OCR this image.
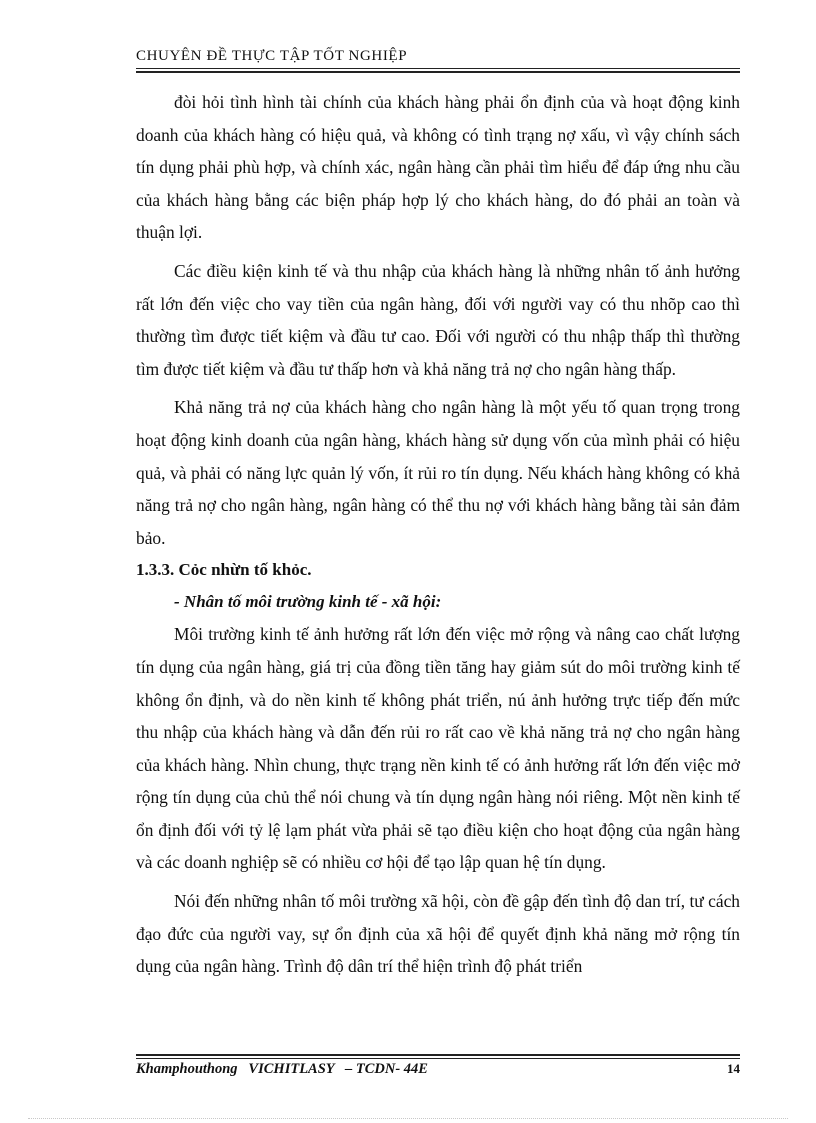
CHUYÊN ĐỀ THỰC TẬP TỐT NGHIỆP

đòi hỏi tình hình tài chính của khách hàng phải ổn định của và hoạt động kinh doanh của khách hàng có hiệu quả, và không có tình trạng nợ xấu, vì vậy chính sách tín dụng phải phù hợp, và chính xác, ngân hàng cần phải tìm hiểu để đáp ứng nhu cầu của khách hàng bằng các biện pháp hợp lý cho khách hàng, do đó phải an toàn và thuận lợi.

Các điều kiện kinh tế và thu nhập của khách hàng là những nhân tố ảnh hưởng rất lớn đến việc cho vay tiền của ngân hàng, đối với người vay có thu nhõp cao thì thường tìm được tiết kiệm và đầu tư cao. Đối với người có thu nhập thấp thì thường tìm được tiết kiệm và đầu tư thấp hơn và khả năng trả nợ cho ngân hàng thấp.

Khả năng trả nợ của khách hàng cho ngân hàng là một yếu tố quan trọng trong hoạt động kinh doanh của ngân hàng, khách hàng sử dụng vốn của mình phải có hiệu quả, và phải có năng lực quản lý vốn, ít rủi ro tín dụng. Nếu khách hàng không có khả năng trả nợ cho ngân hàng, ngân hàng có thể thu nợ với khách hàng bằng tài sản đảm bảo.

1.3.3. Cỏc nhừn tố khỏc.

- Nhân tố môi trường kinh tế - xã hội:

Môi trường kinh tế ảnh hưởng rất lớn đến việc mở rộng và nâng cao chất lượng tín dụng của ngân hàng, giá trị của đồng tiền tăng hay giảm sút do môi trường kinh tế không ổn định, và do nền kinh tế không phát triển, nú ảnh hưởng trực tiếp đến mức thu nhập của khách hàng và dẫn đến rủi ro rất cao về khả năng trả nợ cho ngân hàng của khách hàng. Nhìn chung, thực trạng nền kinh tế có ảnh hưởng rất lớn đến việc mở rộng tín dụng của chủ thể nói chung và tín dụng ngân hàng nói riêng. Một nền kinh tế ổn định đối với tỷ lệ lạm phát vừa phải sẽ tạo điều kiện cho hoạt động của ngân hàng và các doanh nghiệp sẽ có nhiều cơ hội để tạo lập quan hệ tín dụng.

Nói đến những nhân tố môi trường xã hội, còn đề gập đến tình độ dan trí, tư cách đạo đức của người vay, sự ổn định của xã hội để quyết định khả năng mở rộng tín dụng của ngân hàng. Trình độ dân trí thể hiện trình độ phát triển

Khamphouthong   VICHITLASY   – TCDN- 44E	14
